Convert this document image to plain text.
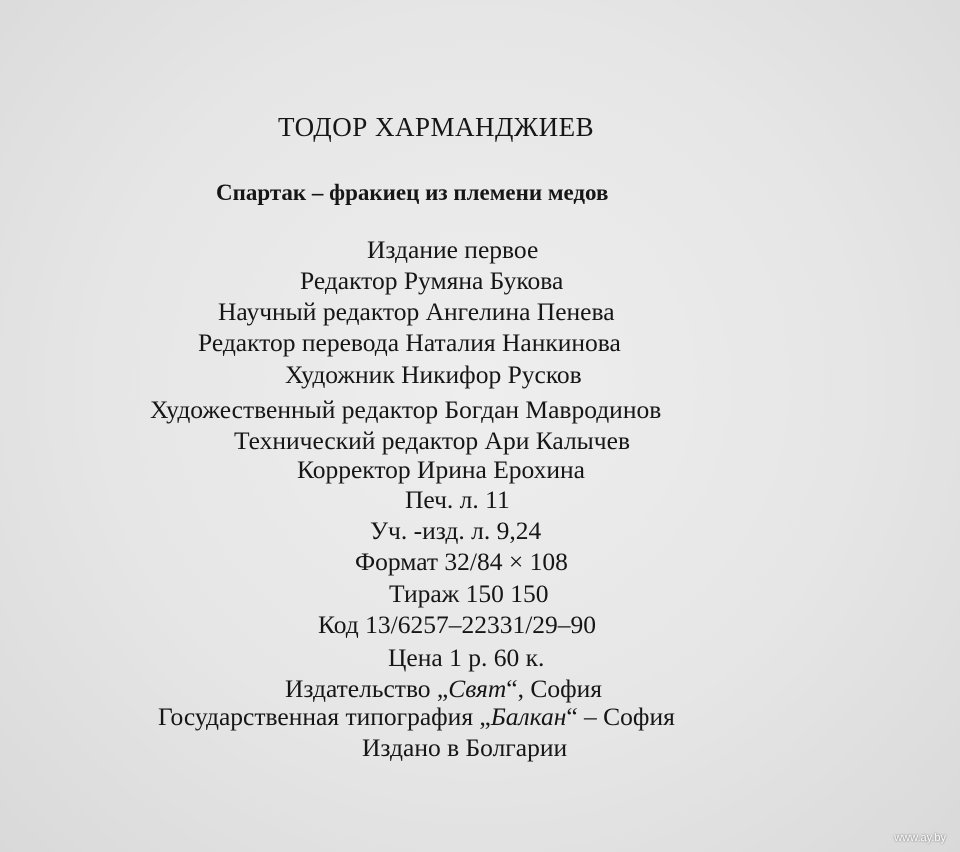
ТОДОР ХАРМАНДЖИЕВ
Спартак – фракиец из племени медов
Издание первое
Редактор Румяна Букова
Научный редактор Ангелина Пенева
Редактор перевода Наталия Нанкинова
Художник Никифор Русков
Художественный редактор Богдан Мавродинов
Технический редактор Ари Калычев
Корректор Ирина Ерохина
Печ. л. 11
Уч. -изд. л. 9,24
Формат 32/84 × 108
Тираж 150 150
Код 13/6257–22331/29–90
Цена 1 р. 60 к.
Издательство „Свят“, София
Государственная типография „Балкан“ – София
Издано в Болгарии
www.ay.by
